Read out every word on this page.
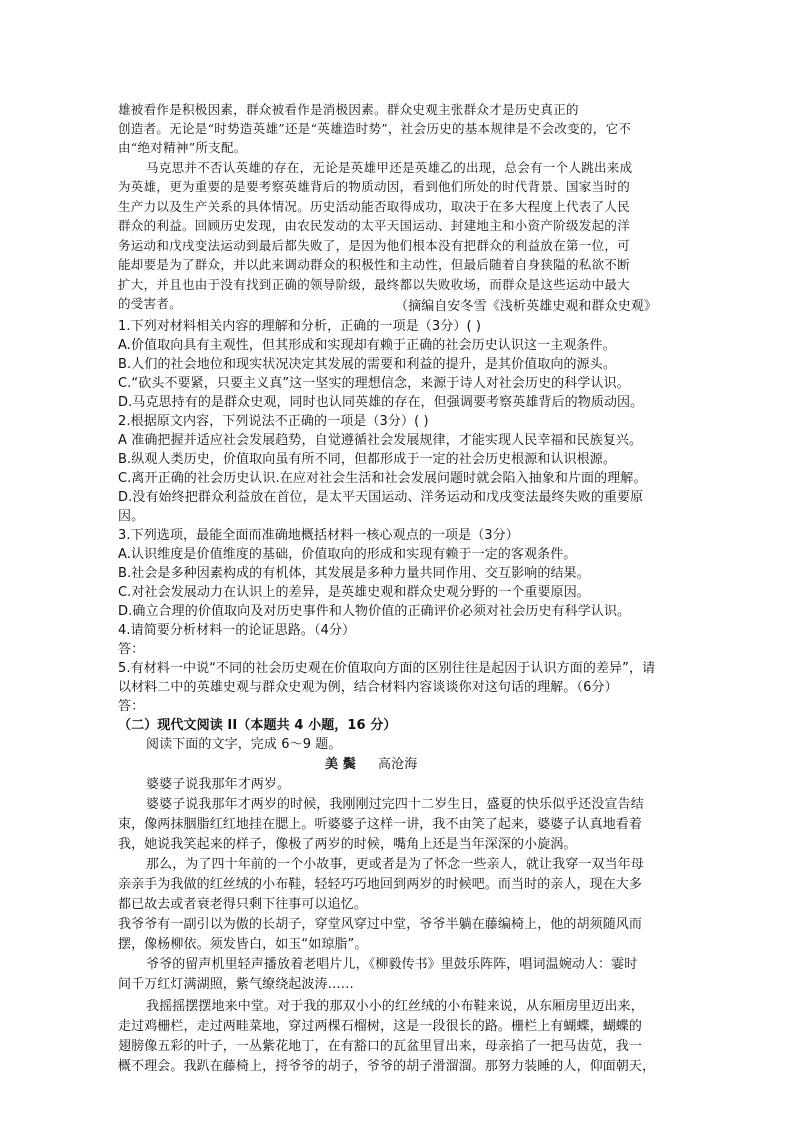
雄被看作是积极因素，群众被看作是消极因素。群众史观主张群众才是历史真正的
创造者。无论是“时势造英雄”还是“英雄造时势”，社会历史的基本规律是不会改变的，它不
由“绝对精神”所支配。
马克思并不否认英雄的存在，无论是英雄甲还是英雄乙的出现，总会有一个人跳出来成
为英雄，更为重要的是要考察英雄背后的物质动因，看到他们所处的时代背景、国家当时的
生产力以及生产关系的具体情况。历史活动能否取得成功，取决于在多大程度上代表了人民
群众的利益。回顾历史发现，由农民发动的太平天国运动、封建地主和小资产阶级发起的洋
务运动和戊戌变法运动到最后都失败了，是因为他们根本没有把群众的利益放在第一位，可
能却要是为了群众，并以此来调动群众的积极性和主动性，但最后随着自身狭隘的私欲不断
扩大，并且也由于没有找到正确的领导阶级，最终都以失败收场，而群众是这些运动中最大
的受害者。	（摘编自安冬雪《浅析英雄史观和群众史观》
1.下列对材料相关内容的理解和分析，正确的一项是（3分）( )
A.价值取向具有主观性，但其形成和实现却有赖于正确的社会历史认识这一主观条件。
B.人们的社会地位和现实状况决定其发展的需要和利益的提升，是其价值取向的源头。
C.“砍头不要紧，只要主义真”这一坚实的理想信念，来源于诗人对社会历史的科学认识。
D.马克思持有的是群众史观，同时也认同英雄的存在，但强调要考察英雄背后的物质动因。
2.根据原文内容，下列说法不正确的一项是（3分）( )
A 准确把握并适应社会发展趋势，自觉遵循社会发展规律，才能实现人民幸福和民族复兴。
B.纵观人类历史，价值取向虽有所不同，但都形成于一定的社会历史根源和认识根源。
C.离开正确的社会历史认识.在应对社会生活和社会发展问题时就会陷入抽象和片面的理解。
D.没有始终把群众利益放在首位，是太平天国运动、洋务运动和戊戌变法最终失败的重要原
因。
3.下列选项，最能全面而准确地概括材料一核心观点的一项是（3分）
A.认识维度是价值维度的基础，价值取向的形成和实现有赖于一定的客观条件。
B.社会是多种因素构成的有机体，其发展是多种力量共同作用、交互影响的结果。
C.对社会发展动力在认识上的差异，是英雄史观和群众史观分野的一个重要原因。
D.确立合理的价值取向及对历史事件和人物价值的正确评价必须对社会历史有科学认识。
4.请简要分析材料一的论证思路。（4分）
答：
5.有材料一中说“不同的社会历史观在价值取向方面的区别往往是起因于认识方面的差异”，请
以材料二中的英雄史观与群众史观为例，结合材料内容谈谈你对这句话的理解。（6分）
答：
（二）现代文阅读 II（本题共 4 小题，16 分）
阅读下面的文字，完成 6～9 题。
美 鬓 高沧海
婆婆子说我那年才两岁。
婆婆子说我那年才两岁的时候，我刚刚过完四十二岁生日，盛夏的快乐似乎还没宣告结
束，像两抹胭脂红红地挂在腮上。听婆婆子这样一讲，我不由笑了起来，婆婆子认真地看着
我，她说我笑起来的样子，像极了两岁的时候，嘴角上还是当年深深的小旋涡。
那么，为了四十年前的一个小故事，更或者是为了怀念一些亲人，就让我穿一双当年母
亲亲手为我做的红丝绒的小布鞋，轻轻巧巧地回到两岁的时候吧。而当时的亲人，现在大多
都已故去或者衰老得只剩下往事可以追忆。
我爷爷有一副引以为傲的长胡子，穿堂风穿过中堂，爷爷半躺在藤编椅上，他的胡须随风而
摆，像杨柳依。须发皆白，如玉“如琼脂”。
爷爷的留声机里轻声播放着老唱片儿，《柳毅传书》里鼓乐阵阵，唱词温婉动人：霎时
间千万红灯满湖照，紫气缭绕起波涛……
我摇摇摆摆地来中堂。对于我的那双小小的红丝绒的小布鞋来说，从东厢房里迈出来，
走过鸡栅栏，走过两畦菜地，穿过两棵石榴树，这是一段很长的路。栅栏上有蝴蝶，蝴蝶的
翅膀像五彩的叶子，一丛紫花地丁，在有豁口的瓦盆里冒出来，母亲掐了一把马齿苋，我一
概不理会。我趴在藤椅上，捋爷爷的胡子，爷爷的胡子滑溜溜。那努力装睡的人，仰面朝天，
